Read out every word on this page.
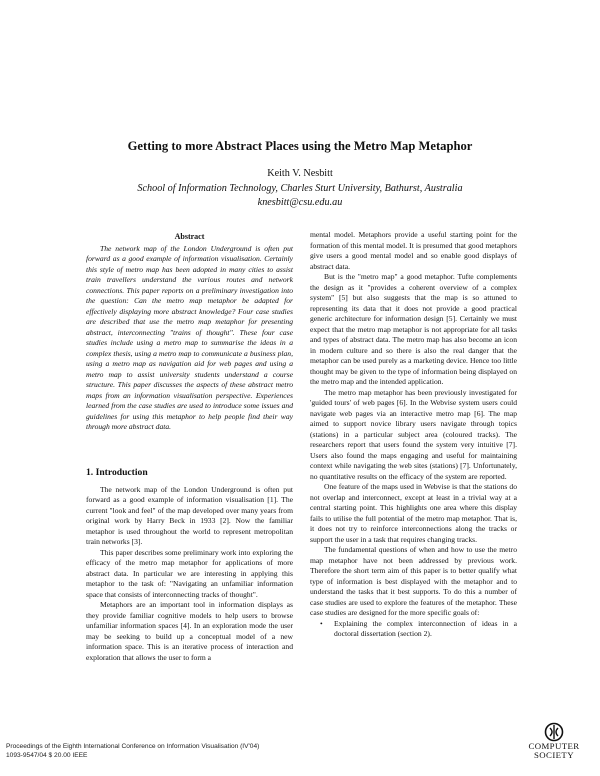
Getting to more Abstract Places using the Metro Map Metaphor
Keith V. Nesbitt
School of Information Technology, Charles Sturt University, Bathurst, Australia
knesbitt@csu.edu.au
Abstract

The network map of the London Underground is often put forward as a good example of information visualisation. Certainly this style of metro map has been adopted in many cities to assist train travellers understand the various routes and network connections. This paper reports on a preliminary investigation into the question: Can the metro map metaphor be adapted for effectively displaying more abstract knowledge? Four case studies are described that use the metro map metaphor for presenting abstract, interconnecting "trains of thought". These four case studies include using a metro map to summarise the ideas in a complex thesis, using a metro map to communicate a business plan, using a metro map as navigation aid for web pages and using a metro map to assist university students understand a course structure. This paper discusses the aspects of these abstract metro maps from an information visualisation perspective. Experiences learned from the case studies are used to introduce some issues and guidelines for using this metaphor to help people find their way through more abstract data.

1. Introduction

The network map of the London Underground is often put forward as a good example of information visualisation [1]. The current "look and feel" of the map developed over many years from original work by Harry Beck in 1933 [2]. Now the familiar metaphor is used throughout the world to represent metropolitan train networks [3].

This paper describes some preliminary work into exploring the efficacy of the metro map metaphor for applications of more abstract data. In particular we are interesting in applying this metaphor to the task of: "Navigating an unfamiliar information space that consists of interconnecting tracks of thought".

Metaphors are an important tool in information displays as they provide familiar cognitive models to help users to browse unfamiliar information spaces [4]. In an exploration mode the user may be seeking to build up a conceptual model of a new information space. This is an iterative process of interaction and exploration that allows the user to form a

mental model. Metaphors provide a useful starting point for the formation of this mental model. It is presumed that good metaphors give users a good mental model and so enable good displays of abstract data.

But is the "metro map" a good metaphor. Tufte complements the design as it "provides a coherent overview of a complex system" [5] but also suggests that the map is so attuned to representing its data that it does not provide a good practical generic architecture for information design [5]. Certainly we must expect that the metro map metaphor is not appropriate for all tasks and types of abstract data. The metro map has also become an icon in modern culture and so there is also the real danger that the metaphor can be used purely as a marketing device. Hence too little thought may be given to the type of information being displayed on the metro map and the intended application.

The metro map metaphor has been previously investigated for 'guided tours' of web pages [6]. In the Webvise system users could navigate web pages via an interactive metro map [6]. The map aimed to support novice library users navigate through topics (stations) in a particular subject area (coloured tracks). The researchers report that users found the system very intuitive [7]. Users also found the maps engaging and useful for maintaining context while navigating the web sites (stations) [7]. Unfortunately, no quantitative results on the efficacy of the system are reported.

One feature of the maps used in Webvise is that the stations do not overlap and interconnect, except at least in a trivial way at a central starting point. This highlights one area where this display fails to utilise the full potential of the metro map metaphor. That is, it does not try to reinforce interconnections along the tracks or support the user in a task that requires changing tracks.

The fundamental questions of when and how to use the metro map metaphor have not been addressed by previous work. Therefore the short term aim of this paper is to better qualify what type of information is best displayed with the metaphor and to understand the tasks that it best supports. To do this a number of case studies are used to explore the features of the metaphor. These case studies are designed for the more specific goals of:

• Explaining the complex interconnection of ideas in a doctoral dissertation (section 2).
Proceedings of the Eighth International Conference on Information Visualisation (IV'04)
1093-9547/04 $ 20.00 IEEE
COMPUTER
SOCIETY
